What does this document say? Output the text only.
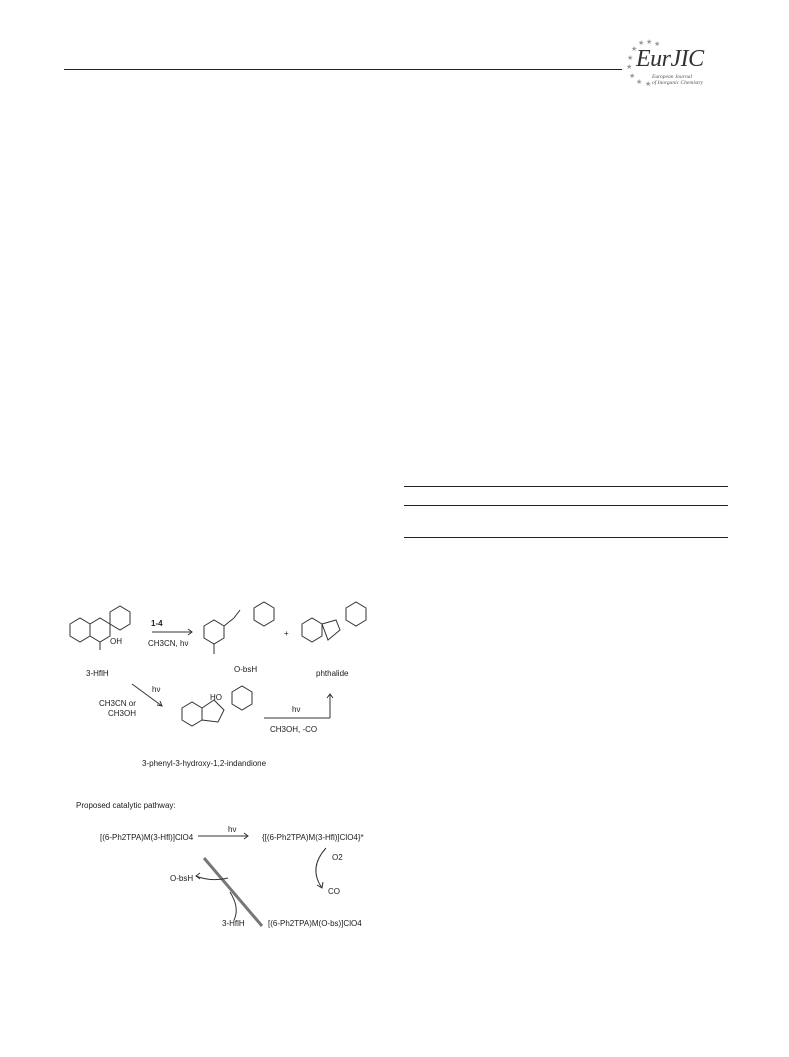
★ ★ ★
★
★
★
★
★ ★
EurJIC
European Journal
of Inorganic Chemistry
1-4
CH3CN, hν
OH
3-HflH	O-bsH
+
phthalide
hν
CH3CN or
CH3OH
HO
3-phenyl-3-hydroxy-1,2-indandione
hν
CH3OH, -CO
Proposed catalytic pathway:
[(6-Ph2TPA)M(3-Hfl)]ClO4
hν
{[(6-Ph2TPA)M(3-Hfl)]ClO4}*
O2
CO
O-bsH
3-HflH	[(6-Ph2TPA)M(O-bs)]ClO4
